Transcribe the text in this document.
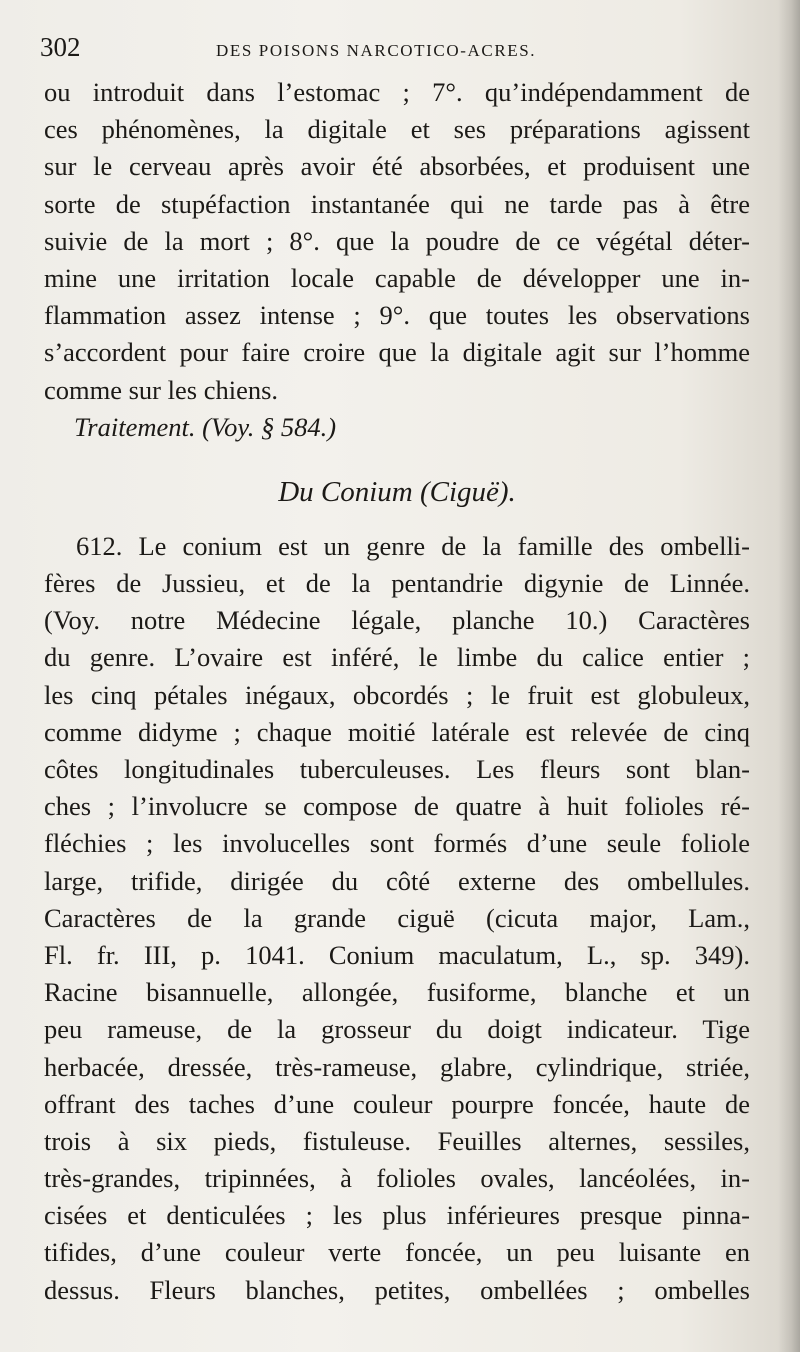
302	DES POISONS NARCOTICO-ACRES.
ou introduit dans l’estomac ; 7°. qu’indépendamment de
ces phénomènes, la digitale et ses préparations agissent
sur le cerveau après avoir été absorbées, et produisent une
sorte de stupéfaction instantanée qui ne tarde pas à être
suivie de la mort ; 8°. que la poudre de ce végétal déter-
mine une irritation locale capable de développer une in-
flammation assez intense ; 9°. que toutes les observations
s’accordent pour faire croire que la digitale agit sur l’homme
comme sur les chiens.
Traitement. (Voy. § 584.)
Du Conium (Ciguë).
612. Le conium est un genre de la famille des ombelli-
fères de Jussieu, et de la pentandrie digynie de Linnée.
(Voy. notre Médecine légale, planche 10.) Caractères
du genre. L’ovaire est inféré, le limbe du calice entier ;
les cinq pétales inégaux, obcordés ; le fruit est globuleux,
comme didyme ; chaque moitié latérale est relevée de cinq
côtes longitudinales tuberculeuses. Les fleurs sont blan-
ches ; l’involucre se compose de quatre à huit folioles ré-
fléchies ; les involucelles sont formés d’une seule foliole
large, trifide, dirigée du côté externe des ombellules.
Caractères de la grande ciguë (cicuta major, Lam.,
Fl. fr. III, p. 1041. Conium maculatum, L., sp. 349).
Racine bisannuelle, allongée, fusiforme, blanche et un
peu rameuse, de la grosseur du doigt indicateur. Tige
herbacée, dressée, très-rameuse, glabre, cylindrique, striée,
offrant des taches d’une couleur pourpre foncée, haute de
trois à six pieds, fistuleuse. Feuilles alternes, sessiles,
très-grandes, tripinnées, à folioles ovales, lancéolées, in-
cisées et denticulées ; les plus inférieures presque pinna-
tifides, d’une couleur verte foncée, un peu luisante en
dessus. Fleurs blanches, petites, ombellées ; ombelles
